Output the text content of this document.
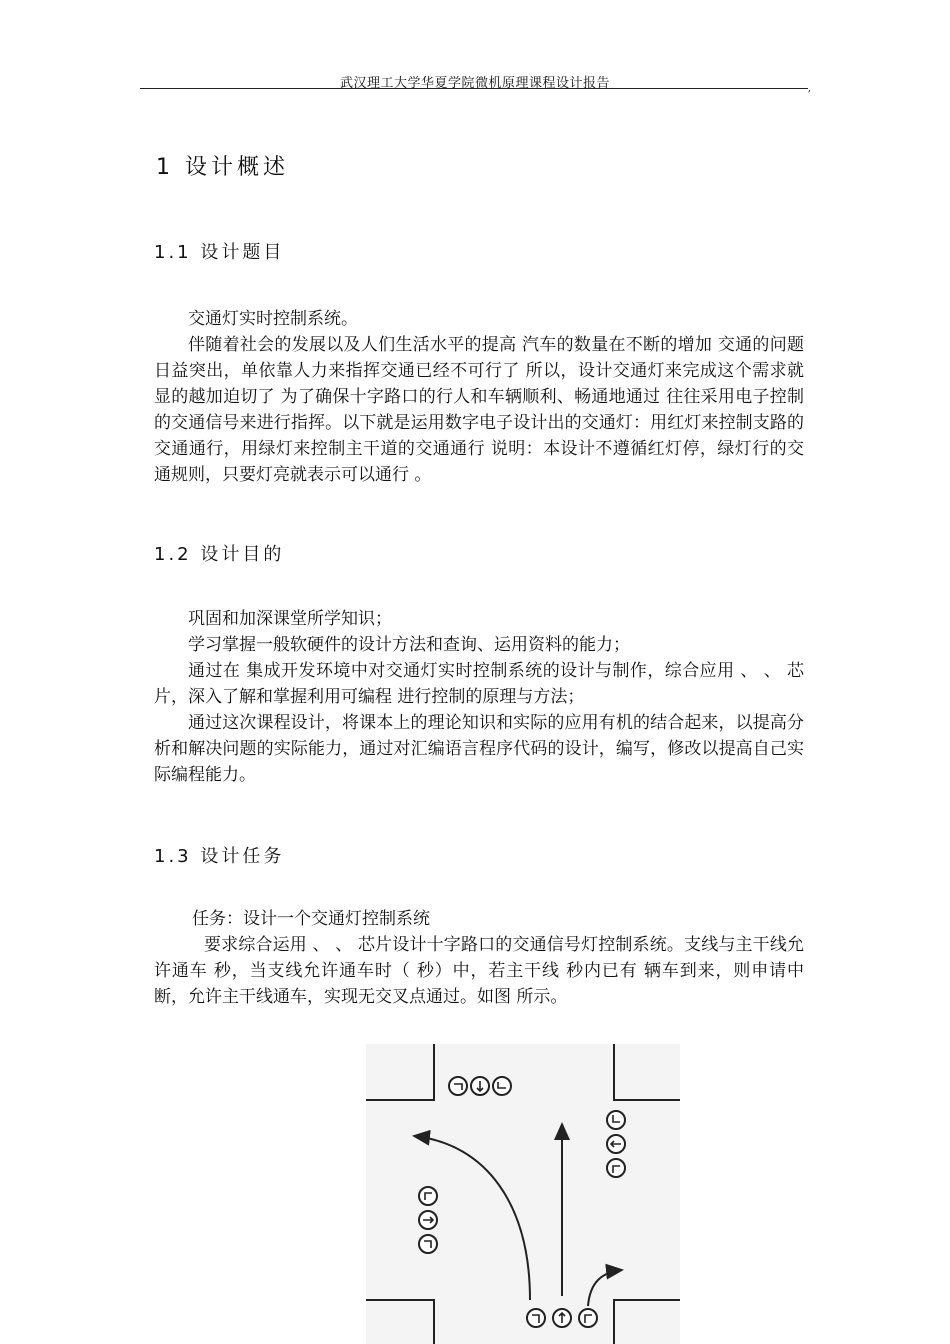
武汉理工大学华夏学院微机原理课程设计报告	,
1 设计概述
1.1 设计题目

交通灯实时控制系统。

伴随着社会的发展以及人们生活水平的提高 汽车的数量在不断的增加 交通的问题日益突出，单依靠人力来指挥交通已经不可行了 所以，设计交通灯来完成这个需求就显的越加迫切了 为了确保十字路口的行人和车辆顺利、畅通地通过 往往采用电子控制的交通信号来进行指挥。以下就是运用数字电子设计出的交通灯：用红灯来控制支路的交通通行，用绿灯来控制主干道的交通通行 说明：本设计不遵循红灯停，绿灯行的交通规则，只要灯亮就表示可以通行 。

1.2 设计目的

巩固和加深课堂所学知识；

学习掌握一般软硬件的设计方法和查询、运用资料的能力；

通过在 集成开发环境中对交通灯实时控制系统的设计与制作，综合应用 、 、 芯片，深入了解和掌握利用可编程 进行控制的原理与方法；

通过这次课程设计，将课本上的理论知识和实际的应用有机的结合起来，以提高分析和解决问题的实际能力，通过对汇编语言程序代码的设计，编写，修改以提高自己实际编程能力。

1.3 设计任务

任务：设计一个交通灯控制系统

要求综合运用 、 、 芯片设计十字路口的交通信号灯控制系统。支线与主干线允许通车 秒，当支线允许通车时（ 秒）中，若主干线 秒内已有 辆车到来，则申请中断，允许主干线通车，实现无交叉点通过。如图 所示。
